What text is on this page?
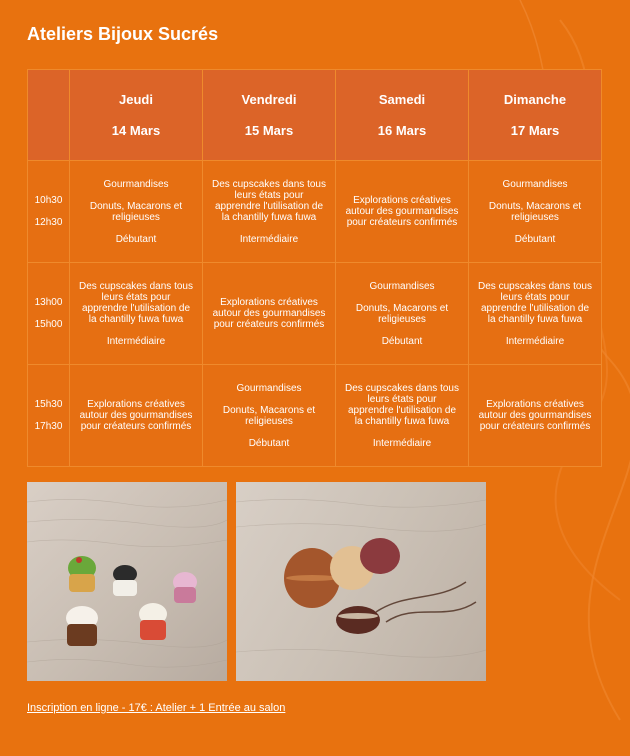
Ateliers Bijoux Sucrés

	Jeudi
14 Mars	Vendredi
15 Mars	Samedi
16 Mars	Dimanche
17 Mars

10h30
12h30	Gourmandises
Donuts, Macarons et religieuses
Débutant	Des cupscakes dans tous leurs états pour apprendre l'utilisation de la chantilly fuwa fuwa
Intermédiaire	Explorations créatives autour des gourmandises pour créateurs confirmés	Gourmandises
Donuts, Macarons et religieuses
Débutant

13h00
15h00	Des cupscakes dans tous leurs états pour apprendre l'utilisation de la chantilly fuwa fuwa
Intermédiaire	Explorations créatives autour des gourmandises pour créateurs confirmés	Gourmandises
Donuts, Macarons et religieuses
Débutant	Des cupscakes dans tous leurs états pour apprendre l'utilisation de la chantilly fuwa fuwa
Intermédiaire

15h30
17h30	Explorations créatives autour des gourmandises pour créateurs confirmés	Gourmandises
Donuts, Macarons et religieuses
Débutant	Des cupscakes dans tous leurs états pour apprendre l'utilisation de la chantilly fuwa fuwa
Intermédiaire	Explorations créatives autour des gourmandises pour créateurs confirmés
Inscription en ligne - 17€ : Atelier + 1 Entrée au salon
